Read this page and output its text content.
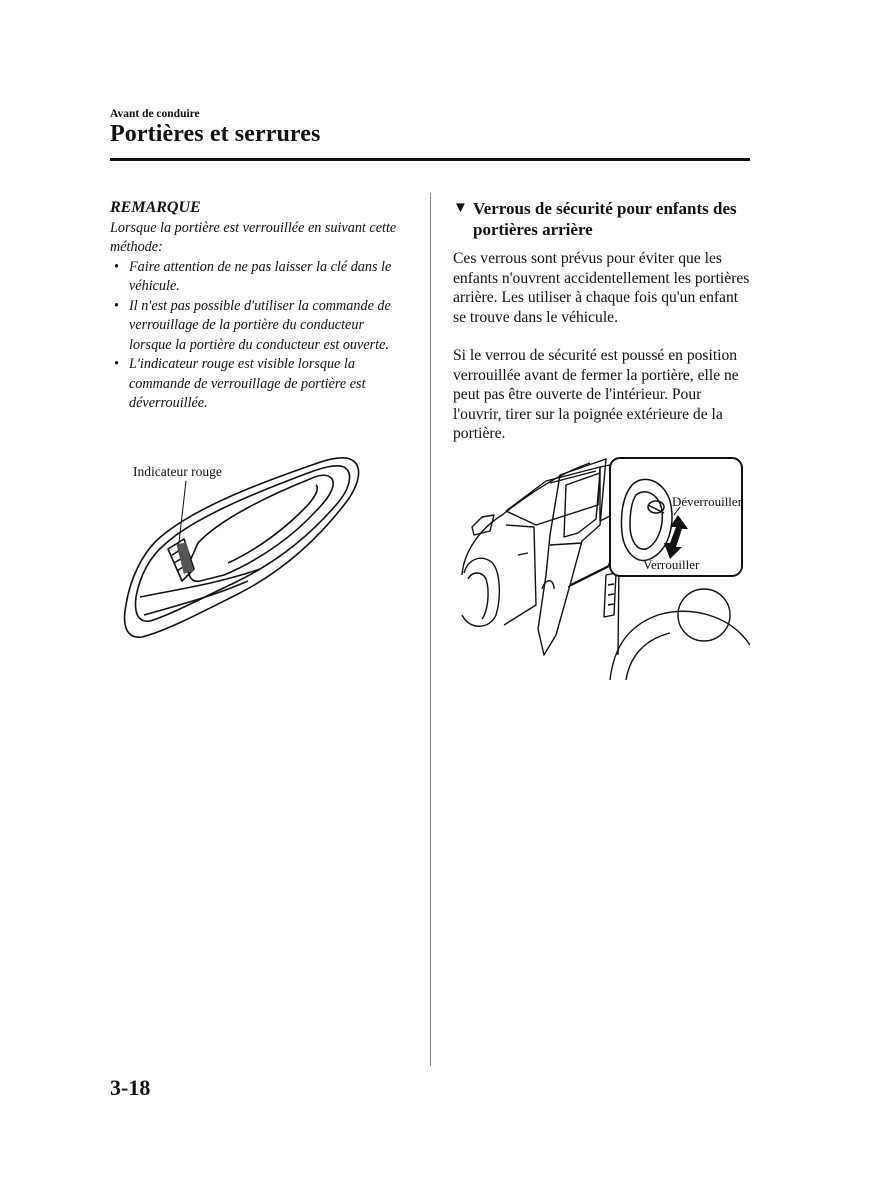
Avant de conduire
Portières et serrures
REMARQUE

Lorsque la portière est verrouillée en suivant cette méthode:

• Faire attention de ne pas laisser la clé dans le véhicule.
• Il n'est pas possible d'utiliser la commande de verrouillage de la portière du conducteur lorsque la portière du conducteur est ouverte.
• L'indicateur rouge est visible lorsque la commande de verrouillage de portière est déverrouillée.
Indicateur rouge
▼ Verrous de sécurité pour enfants des portières arrière

Ces verrous sont prévus pour éviter que les enfants n'ouvrent accidentellement les portières arrière. Les utiliser à chaque fois qu'un enfant se trouve dans le véhicule.

Si le verrou de sécurité est poussé en position verrouillée avant de fermer la portière, elle ne peut pas être ouverte de l'intérieur. Pour l'ouvrir, tirer sur la poignée extérieure de la portière.

Déverrouiller
Verrouiller
3-18
